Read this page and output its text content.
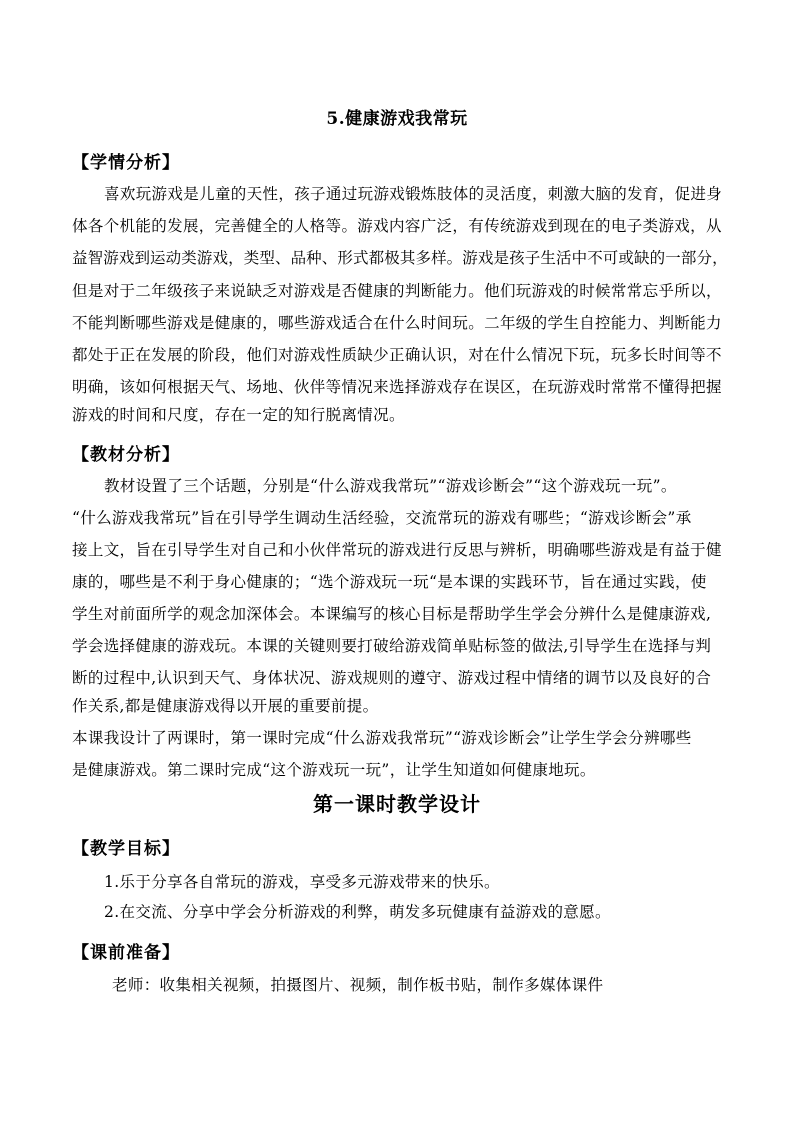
5.健康游戏我常玩
【学情分析】
喜欢玩游戏是儿童的天性，孩子通过玩游戏锻炼肢体的灵活度，刺激大脑的发育，促进身
体各个机能的发展，完善健全的人格等。游戏内容广泛，有传统游戏到现在的电子类游戏，从
益智游戏到运动类游戏，类型、品种、形式都极其多样。游戏是孩子生活中不可或缺的一部分，
但是对于二年级孩子来说缺乏对游戏是否健康的判断能力。他们玩游戏的时候常常忘乎所以，
不能判断哪些游戏是健康的，哪些游戏适合在什么时间玩。二年级的学生自控能力、判断能力
都处于正在发展的阶段，他们对游戏性质缺少正确认识，对在什么情况下玩，玩多长时间等不
明确，该如何根据天气、场地、伙伴等情况来选择游戏存在误区，在玩游戏时常常不懂得把握
游戏的时间和尺度，存在一定的知行脱离情况。
【教材分析】
教材设置了三个话题，分别是“什么游戏我常玩”“游戏诊断会”“这个游戏玩一玩”。
“什么游戏我常玩”旨在引导学生调动生活经验，交流常玩的游戏有哪些；“游戏诊断会”承
接上文，旨在引导学生对自己和小伙伴常玩的游戏进行反思与辨析，明确哪些游戏是有益于健
康的，哪些是不利于身心健康的；“选个游戏玩一玩“是本课的实践环节，旨在通过实践，使
学生对前面所学的观念加深体会。本课编写的核心目标是帮助学生学会分辨什么是健康游戏,
学会选择健康的游戏玩。本课的关键则要打破给游戏简单贴标签的做法,引导学生在选择与判
断的过程中,认识到天气、身体状况、游戏规则的遵守、游戏过程中情绪的调节以及良好的合
作关系,都是健康游戏得以开展的重要前提。
本课我设计了两课时，第一课时完成“什么游戏我常玩”“游戏诊断会”让学生学会分辨哪些
是健康游戏。第二课时完成“这个游戏玩一玩”，让学生知道如何健康地玩。
第一课时教学设计
【教学目标】
1.乐于分享各自常玩的游戏，享受多元游戏带来的快乐。
2.在交流、分享中学会分析游戏的利弊，萌发多玩健康有益游戏的意愿。
【课前准备】
老师：收集相关视频，拍摄图片、视频，制作板书贴，制作多媒体课件
